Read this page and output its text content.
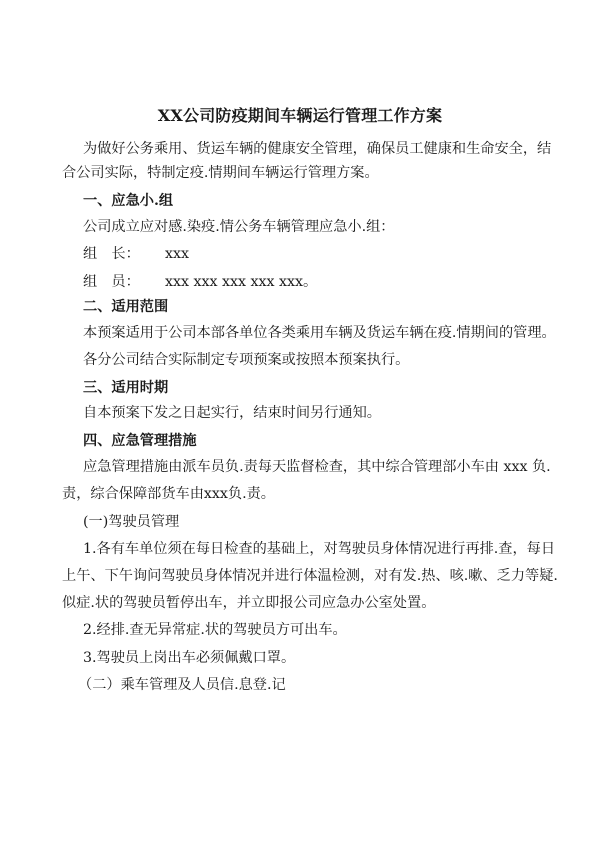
XX公司防疫期间车辆运行管理工作方案
为做好公务乘用、货运车辆的健康安全管理，确保员工健康和生命安全，结
合公司实际，特制定疫.情期间车辆运行管理方案。
一、应急小.组
公司成立应对感.染疫.情公务车辆管理应急小.组：
组　长： xxx
组　员： xxx xxx xxx xxx xxx。
二、适用范围
本预案适用于公司本部各单位各类乘用车辆及货运车辆在疫.情期间的管理。
各分公司结合实际制定专项预案或按照本预案执行。
三、适用时期
自本预案下发之日起实行，结束时间另行通知。
四、应急管理措施
应急管理措施由派车员负.责每天监督检查，其中综合管理部小车由 xxx 负.
责，综合保障部货车由xxx负.责。
(一)驾驶员管理
1.各有车单位须在每日检查的基础上，对驾驶员身体情况进行再排.查，每日
上午、下午询问驾驶员身体情况并进行体温检测，对有发.热、咳.嗽、乏力等疑.
似症.状的驾驶员暂停出车，并立即报公司应急办公室处置。
2.经排.查无异常症.状的驾驶员方可出车。
3.驾驶员上岗出车必须佩戴口罩。
（二）乘车管理及人员信.息登.记
